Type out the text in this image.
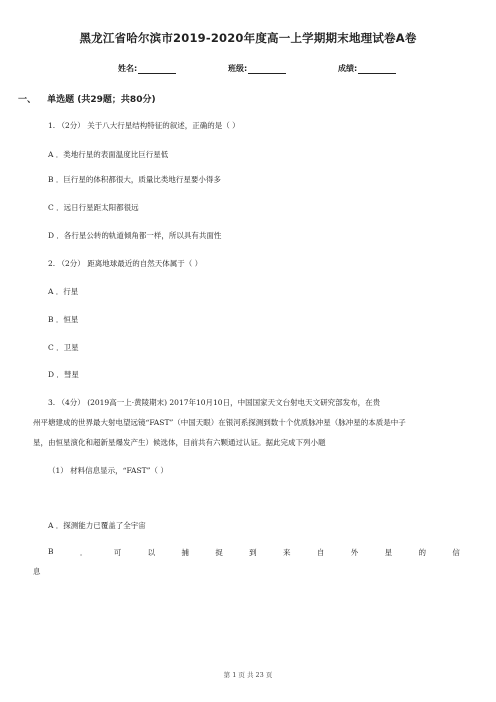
黑龙江省哈尔滨市2019-2020年度高一上学期期末地理试卷A卷
姓名:	班级:	成绩:
一、 单选题 (共29题；共80分)
1. （2分） 关于八大行星结构特征的叙述，正确的是（ ）
A ．类地行星的表面温度比巨行星低
B ．巨行星的体积都很大，质量比类地行星要小得多
C ．远日行星距太阳都很远
D ．各行星公转的轨道倾角都一样，所以具有共面性
2. （2分） 距离地球最近的自然天体属于（ ）
A ．行星
B ．恒星
C ．卫星
D ．彗星
3. （4分） (2019高一上·黄陵期末) 2017年10月10日，中国国家天文台射电天文研究部发布，在贵
州平塘建成的世界最大射电望远镜“FAST”（中国天眼）在银河系探测到数十个优质脉冲星（脉冲星的本质是中子
星，由恒星演化和超新星爆发产生）候选体，目前共有六颗通过认证。据此完成下列小题
（1） 材料信息显示，“FAST”（ ）
A ．探测能力已覆盖了全宇宙
B	．	可	以	捕	捉	到	来	自	外	星	的	信
息
第 1 页 共 23 页
